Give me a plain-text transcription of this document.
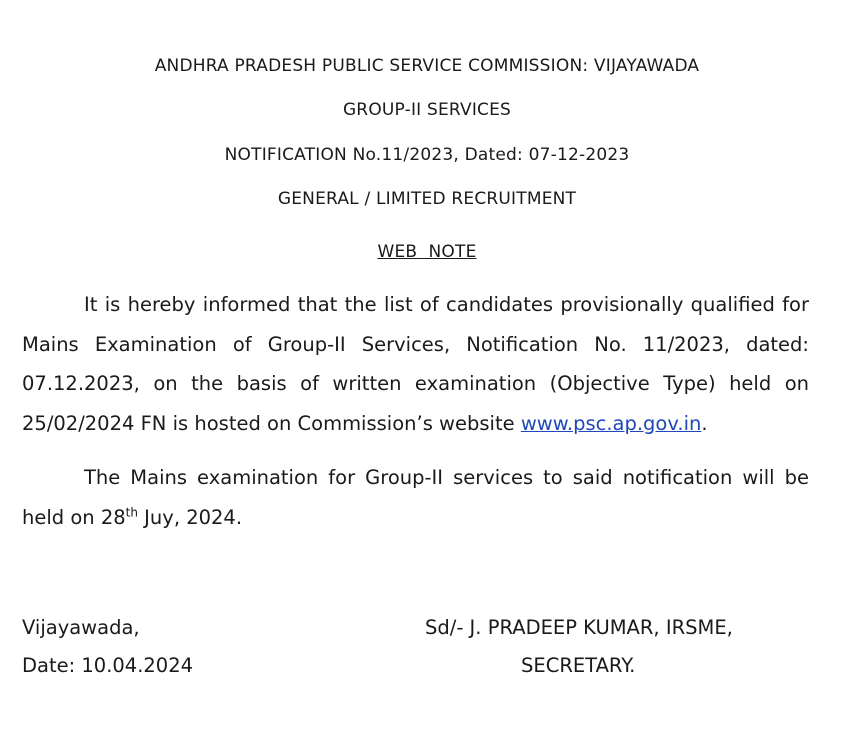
ANDHRA PRADESH PUBLIC SERVICE COMMISSION: VIJAYAWADA
GROUP-II SERVICES
NOTIFICATION No.11/2023, Dated: 07-12-2023
GENERAL / LIMITED RECRUITMENT
WEB  NOTE

It is hereby informed that the list of candidates provisionally qualified for Mains Examination of Group-II Services, Notification No. 11/2023, dated: 07.12.2023, on the basis of written examination (Objective Type) held on 25/02/2024 FN is hosted on Commission’s website www.psc.ap.gov.in.

The Mains examination for Group-II services to said notification will be held on 28th Juy, 2024.

Vijayawada,
Date: 10.04.2024
Sd/- J. PRADEEP KUMAR, IRSME,
SECRETARY.
